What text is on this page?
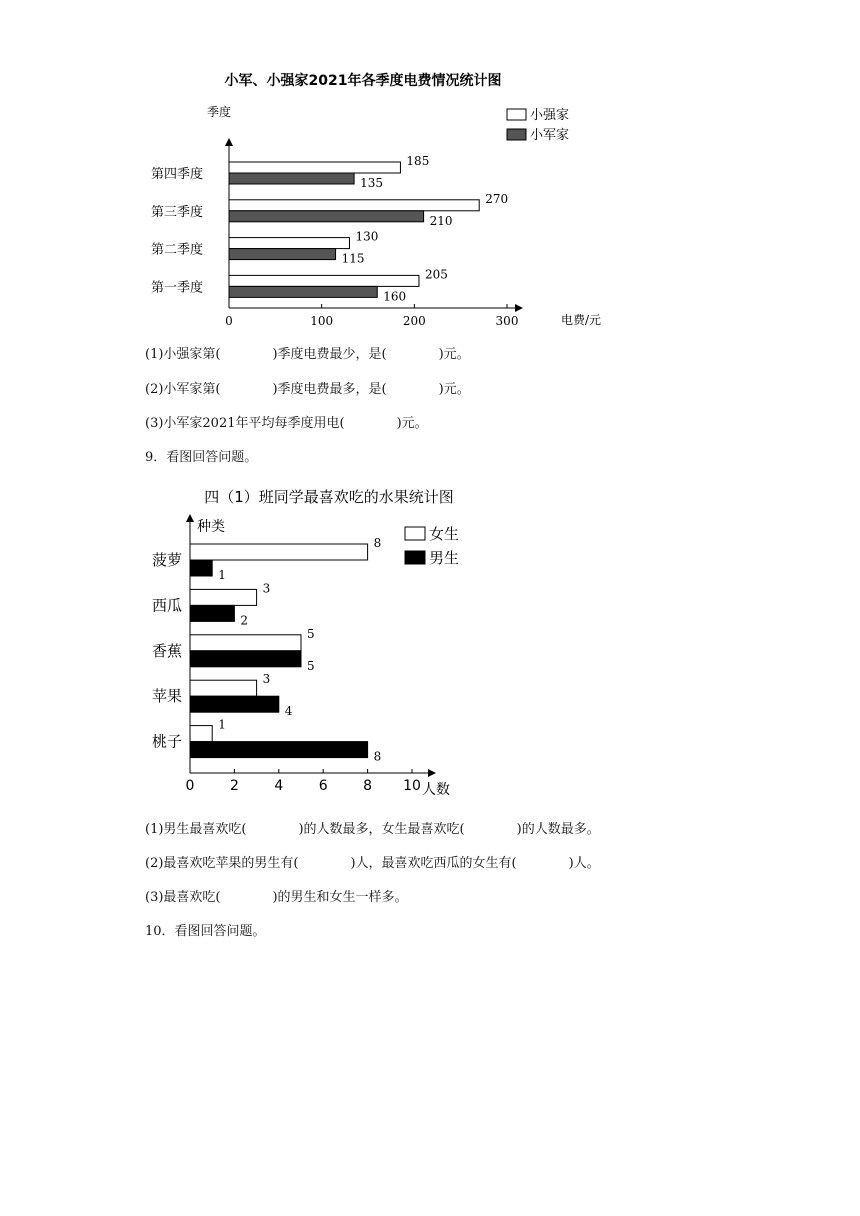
小军、小强家2021年各季度电费情况统计图
季度
电费/元
小强家
小军家
0	100	200	300
第四季度
第三季度
第二季度
第一季度
185
135
270
210
130
115
205
160
(1)小强家第(　　　　)季度电费最少，是(　　　　)元。
(2)小军家第(　　　　)季度电费最多，是(　　　　)元。
(3)小军家2021年平均每季度用电(　　　　)元。
9．看图回答问题。
四（1）班同学最喜欢吃的水果统计图
种类
人数
女生
男生
0	2	4	6	8 10
菠萝
西瓜
香蕉
苹果
桃子
8
1
3
2
5
5
3
4
1
8
(1)男生最喜欢吃(　　　　)的人数最多，女生最喜欢吃(　　　　)的人数最多。
(2)最喜欢吃苹果的男生有(　　　　)人，最喜欢吃西瓜的女生有(　　　　)人。
(3)最喜欢吃(　　　　)的男生和女生一样多。
10．看图回答问题。
